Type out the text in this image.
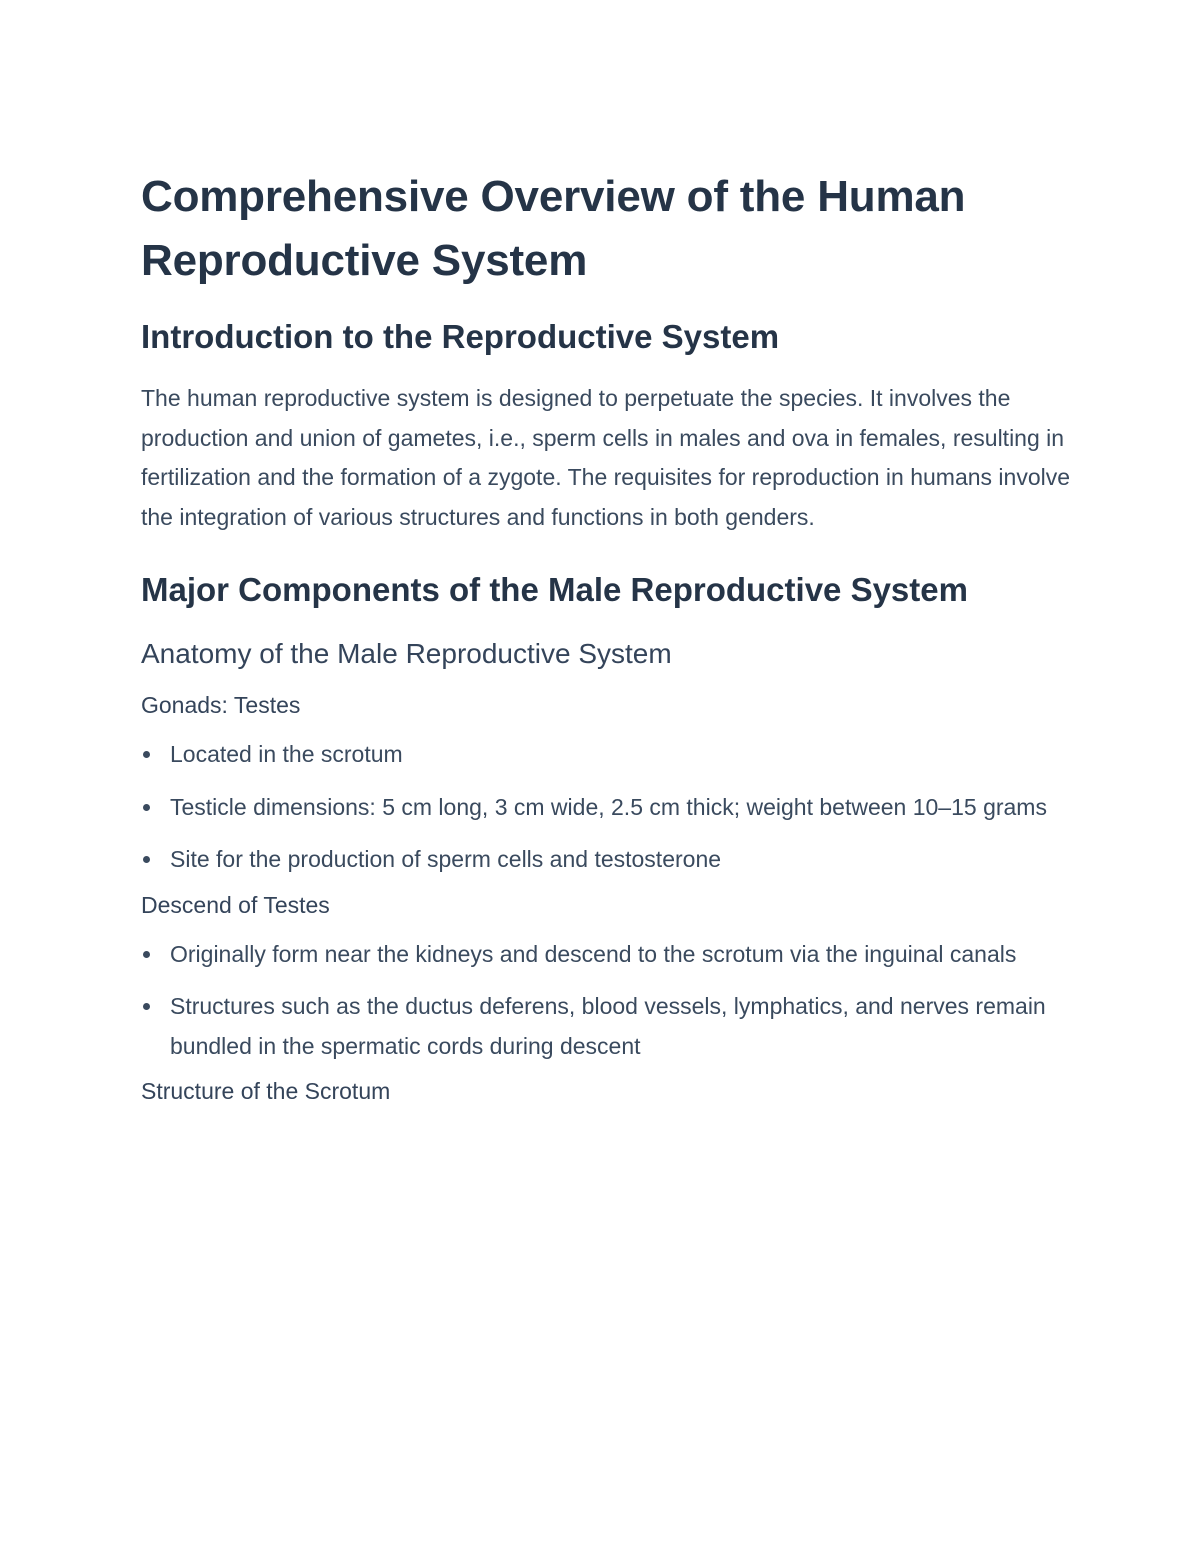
Comprehensive Overview of the Human Reproductive System
Introduction to the Reproductive System

The human reproductive system is designed to perpetuate the species. It involves the production and union of gametes, i.e., sperm cells in males and ova in females, resulting in fertilization and the formation of a zygote. The requisites for reproduction in humans involve the integration of various structures and functions in both genders.

Major Components of the Male Reproductive System
Anatomy of the Male Reproductive System
Gonads: Testes
Located in the scrotum
Testicle dimensions: 5 cm long, 3 cm wide, 2.5 cm thick; weight between 10–15 grams
Site for the production of sperm cells and testosterone
Descend of Testes
Originally form near the kidneys and descend to the scrotum via the inguinal canals
Structures such as the ductus deferens, blood vessels, lymphatics, and nerves remain bundled in the spermatic cords during descent
Structure of the Scrotum
